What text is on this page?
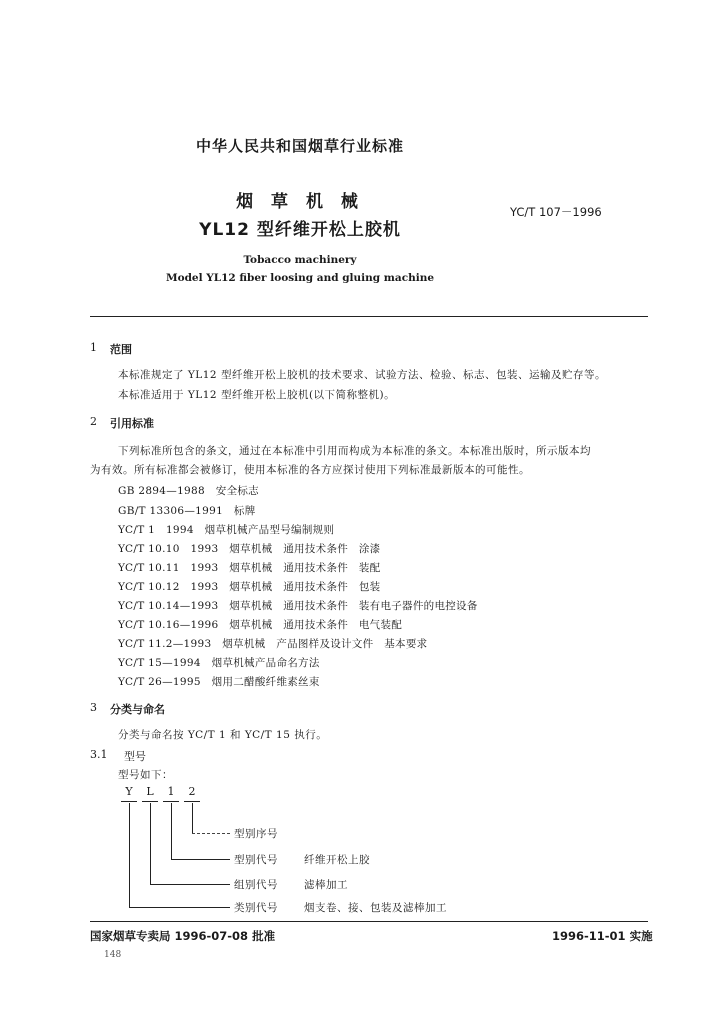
中华人民共和国烟草行业标准
烟 草 机 械
YL12 型纤维开松上胶机
YC/T 107－1996
Tobacco machinery
Model YL12 fiber loosing and gluing machine
1 范围
本标准规定了 YL12 型纤维开松上胶机的技术要求、试验方法、检验、标志、包装、运输及贮存等。
本标准适用于 YL12 型纤维开松上胶机(以下简称整机)。
2 引用标准
下列标准所包含的条文，通过在本标准中引用而构成为本标准的条文。本标准出版时，所示版本均
为有效。所有标准都会被修订，使用本标准的各方应探讨使用下列标准最新版本的可能性。
GB 2894—1988　安全标志
GB/T 13306—1991　标牌
YC/T 1　1994　烟草机械产品型号编制规则
YC/T 10.10　1993　烟草机械　通用技术条件　涂漆
YC/T 10.11　1993　烟草机械　通用技术条件　装配
YC/T 10.12　1993　烟草机械　通用技术条件　包装
YC/T 10.14—1993　烟草机械　通用技术条件　装有电子器件的电控设备
YC/T 10.16—1996　烟草机械　通用技术条件　电气装配
YC/T 11.2—1993　烟草机械　产品图样及设计文件　基本要求
YC/T 15—1994　烟草机械产品命名方法
YC/T 26—1995　烟用二醋酸纤维素丝束
3 分类与命名
分类与命名按 YC/T 1 和 YC/T 15 执行。
3.1 型号
型号如下：
Y	L	1	2
型别序号
型别代号 纤维开松上胶
组别代号 滤棒加工
类别代号 烟支卷、接、包装及滤棒加工
国家烟草专卖局 1996-07-08 批准	1996-11-01 实施
148
